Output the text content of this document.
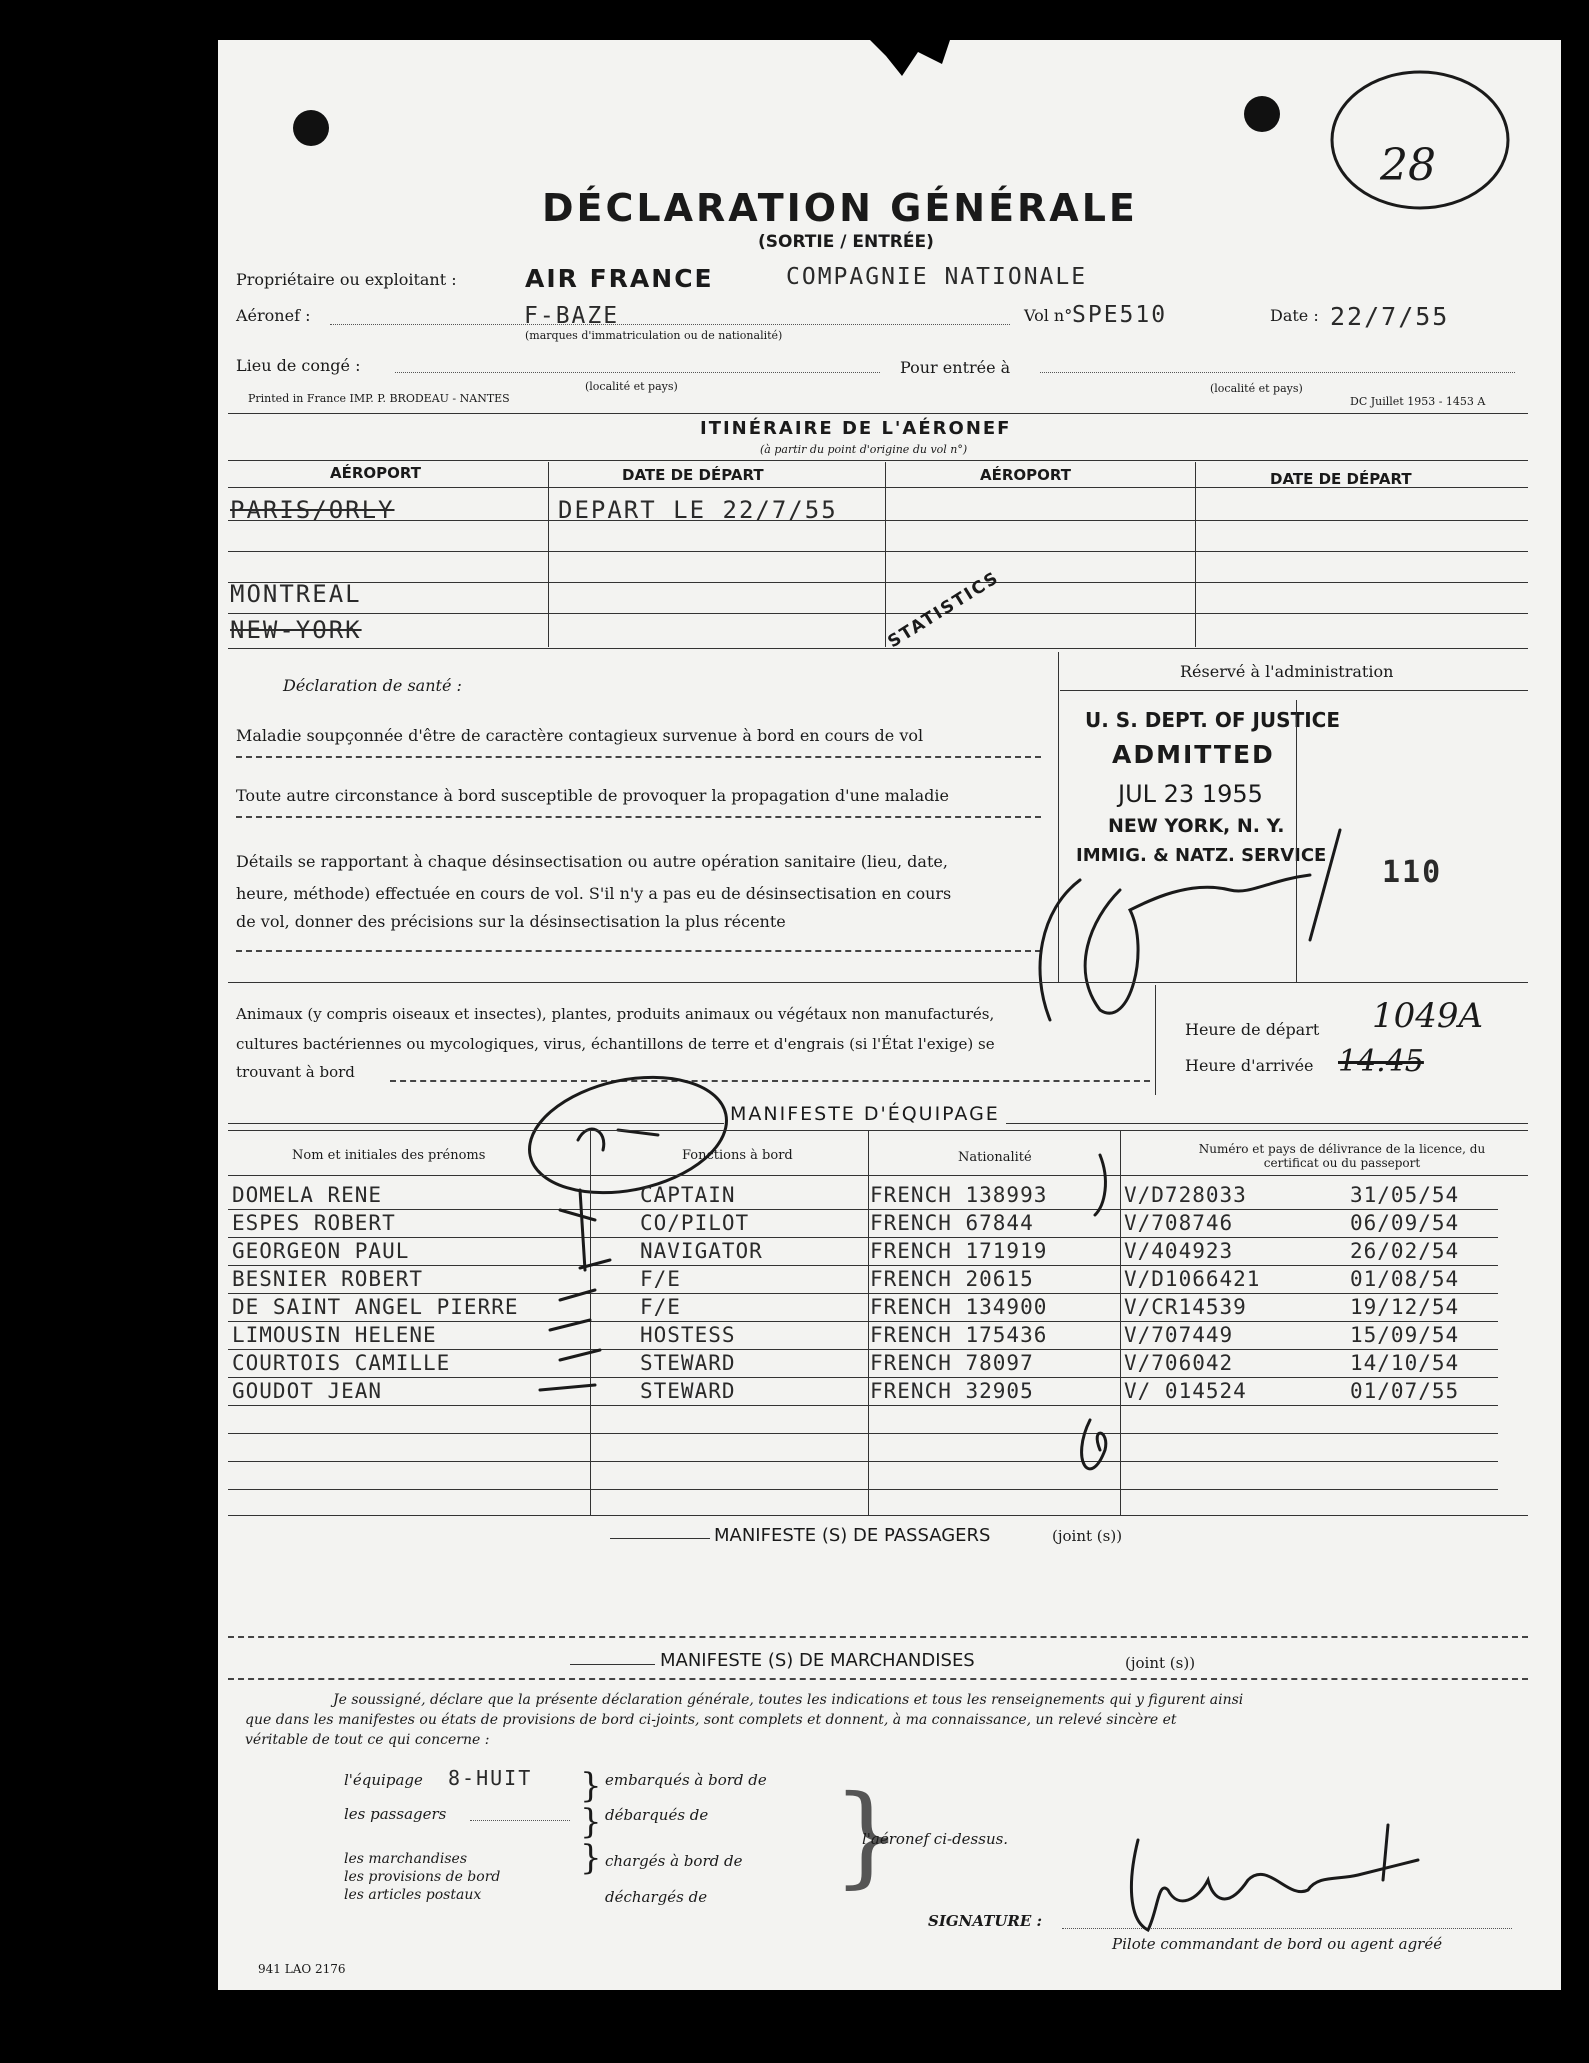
28
DÉCLARATION GÉNÉRALE
(SORTIE / ENTRÉE)
Propriétaire ou exploitant :	AIR FRANCE	COMPAGNIE NATIONALE
Aéronef :	F-BAZE
(marques d'immatriculation ou de nationalité)
Vol n° SPE510	Date : 22/7/55
Lieu de congé :
(localité et pays)
Pour entrée à
(localité et pays)
Printed in France IMP. P. BRODEAU - NANTES	DC Juillet 1953 - 1453 A
ITINÉRAIRE DE L'AÉRONEF
(à partir du point d'origine du vol n°)
AÉROPORT	DATE DE DÉPART	AÉROPORT	DATE DE DÉPART
PARIS/ORLY	DEPART LE 22/7/55
MONTREAL
NEW-YORK	STATISTICS
Déclaration de santé :
Maladie soupçonnée d'être de caractère contagieux survenue à bord en cours de vol
Toute autre circonstance à bord susceptible de provoquer la propagation d'une maladie
Détails se rapportant à chaque désinsectisation ou autre opération sanitaire (lieu, date,
heure, méthode) effectuée en cours de vol. S'il n'y a pas eu de désinsectisation en cours
de vol, donner des précisions sur la désinsectisation la plus récente
Réservé à l'administration
U. S. DEPT. OF JUSTICE
ADMITTED
JUL 23 1955
NEW YORK, N. Y.
IMMIG. & NATZ. SERVICE 110
Animaux (y compris oiseaux et insectes), plantes, produits animaux ou végétaux non manufacturés,
cultures bactériennes ou mycologiques, virus, échantillons de terre et d'engrais (si l'État l'exige) se
trouvant à bord
Heure de départ 1049A
Heure d'arrivée 14.45
MANIFESTE D'ÉQUIPAGE
Nom et initiales des prénoms	Fonctions à bord	Nationalité
Numéro et pays de délivrance de la licence, du certificat ou du passeport
DOMELA RENE	CAPTAIN	FRENCH 138993	V/D728033	31/05/54
ESPES ROBERT	CO/PILOT	FRENCH 67844	V/708746	06/09/54
GEORGEON PAUL	NAVIGATOR	FRENCH 171919	V/404923	26/02/54
BESNIER ROBERT	F/E	FRENCH 20615	V/D1066421	01/08/54
DE SAINT ANGEL PIERRE	F/E	FRENCH 134900	V/CR14539	19/12/54
LIMOUSIN HELENE	HOSTESS	FRENCH 175436	V/707449	15/09/54
COURTOIS CAMILLE	STEWARD	FRENCH 78097	V/706042	14/10/54
GOUDOT JEAN	STEWARD	FRENCH 32905	V/ 014524	01/07/55
MANIFESTE (S) DE PASSAGERS	(joint (s))
MANIFESTE (S) DE MARCHANDISES	(joint (s))
Je soussigné, déclare que la présente déclaration générale, toutes les indications et tous les renseignements qui y figurent ainsi
que dans les manifestes ou états de provisions de bord ci-joints, sont complets et donnent, à ma connaissance, un relevé sincère et
véritable de tout ce qui concerne :
l'équipage 8-HUIT
les passagers
les marchandises
les provisions de bord
les articles postaux
}
}
}
embarqués à bord de
débarqués de
chargés à bord de
déchargés de }
l'aéronef ci-dessus.
SIGNATURE :
Pilote commandant de bord ou agent agréé
941 LAO 2176
